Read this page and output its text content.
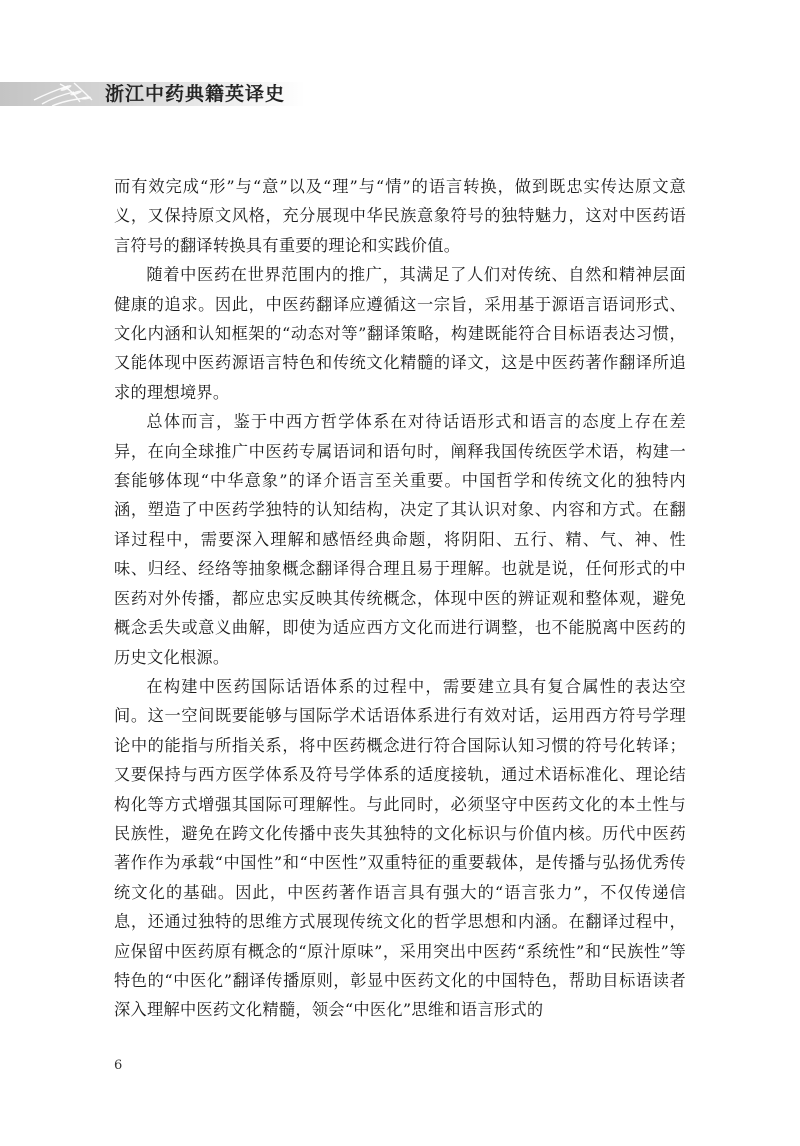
浙江中药典籍英译史

而有效完成“形”与“意”以及“理”与“情”的语言转换，做到既忠实传达原文意义，又保持原文风格，充分展现中华民族意象符号的独特魅力，这对中医药语言符号的翻译转换具有重要的理论和实践价值。

随着中医药在世界范围内的推广，其满足了人们对传统、自然和精神层面健康的追求。因此，中医药翻译应遵循这一宗旨，采用基于源语言语词形式、文化内涵和认知框架的“动态对等”翻译策略，构建既能符合目标语表达习惯，又能体现中医药源语言特色和传统文化精髓的译文，这是中医药著作翻译所追求的理想境界。

总体而言，鉴于中西方哲学体系在对待话语形式和语言的态度上存在差异，在向全球推广中医药专属语词和语句时，阐释我国传统医学术语，构建一套能够体现“中华意象”的译介语言至关重要。中国哲学和传统文化的独特内涵，塑造了中医药学独特的认知结构，决定了其认识对象、内容和方式。在翻译过程中，需要深入理解和感悟经典命题，将阴阳、五行、精、气、神、性味、归经、经络等抽象概念翻译得合理且易于理解。也就是说，任何形式的中医药对外传播，都应忠实反映其传统概念，体现中医的辨证观和整体观，避免概念丢失或意义曲解，即使为适应西方文化而进行调整，也不能脱离中医药的历史文化根源。

在构建中医药国际话语体系的过程中，需要建立具有复合属性的表达空间。这一空间既要能够与国际学术话语体系进行有效对话，运用西方符号学理论中的能指与所指关系，将中医药概念进行符合国际认知习惯的符号化转译；又要保持与西方医学体系及符号学体系的适度接轨，通过术语标准化、理论结构化等方式增强其国际可理解性。与此同时，必须坚守中医药文化的本土性与民族性，避免在跨文化传播中丧失其独特的文化标识与价值内核。历代中医药著作作为承载“中国性”和“中医性”双重特征的重要载体，是传播与弘扬优秀传统文化的基础。因此，中医药著作语言具有强大的“语言张力”，不仅传递信息，还通过独特的思维方式展现传统文化的哲学思想和内涵。在翻译过程中，应保留中医药原有概念的“原汁原味”，采用突出中医药“系统性”和“民族性”等特色的“中医化”翻译传播原则，彰显中医药文化的中国特色，帮助目标语读者深入理解中医药文化精髓，领会“中医化”思维和语言形式的

6
